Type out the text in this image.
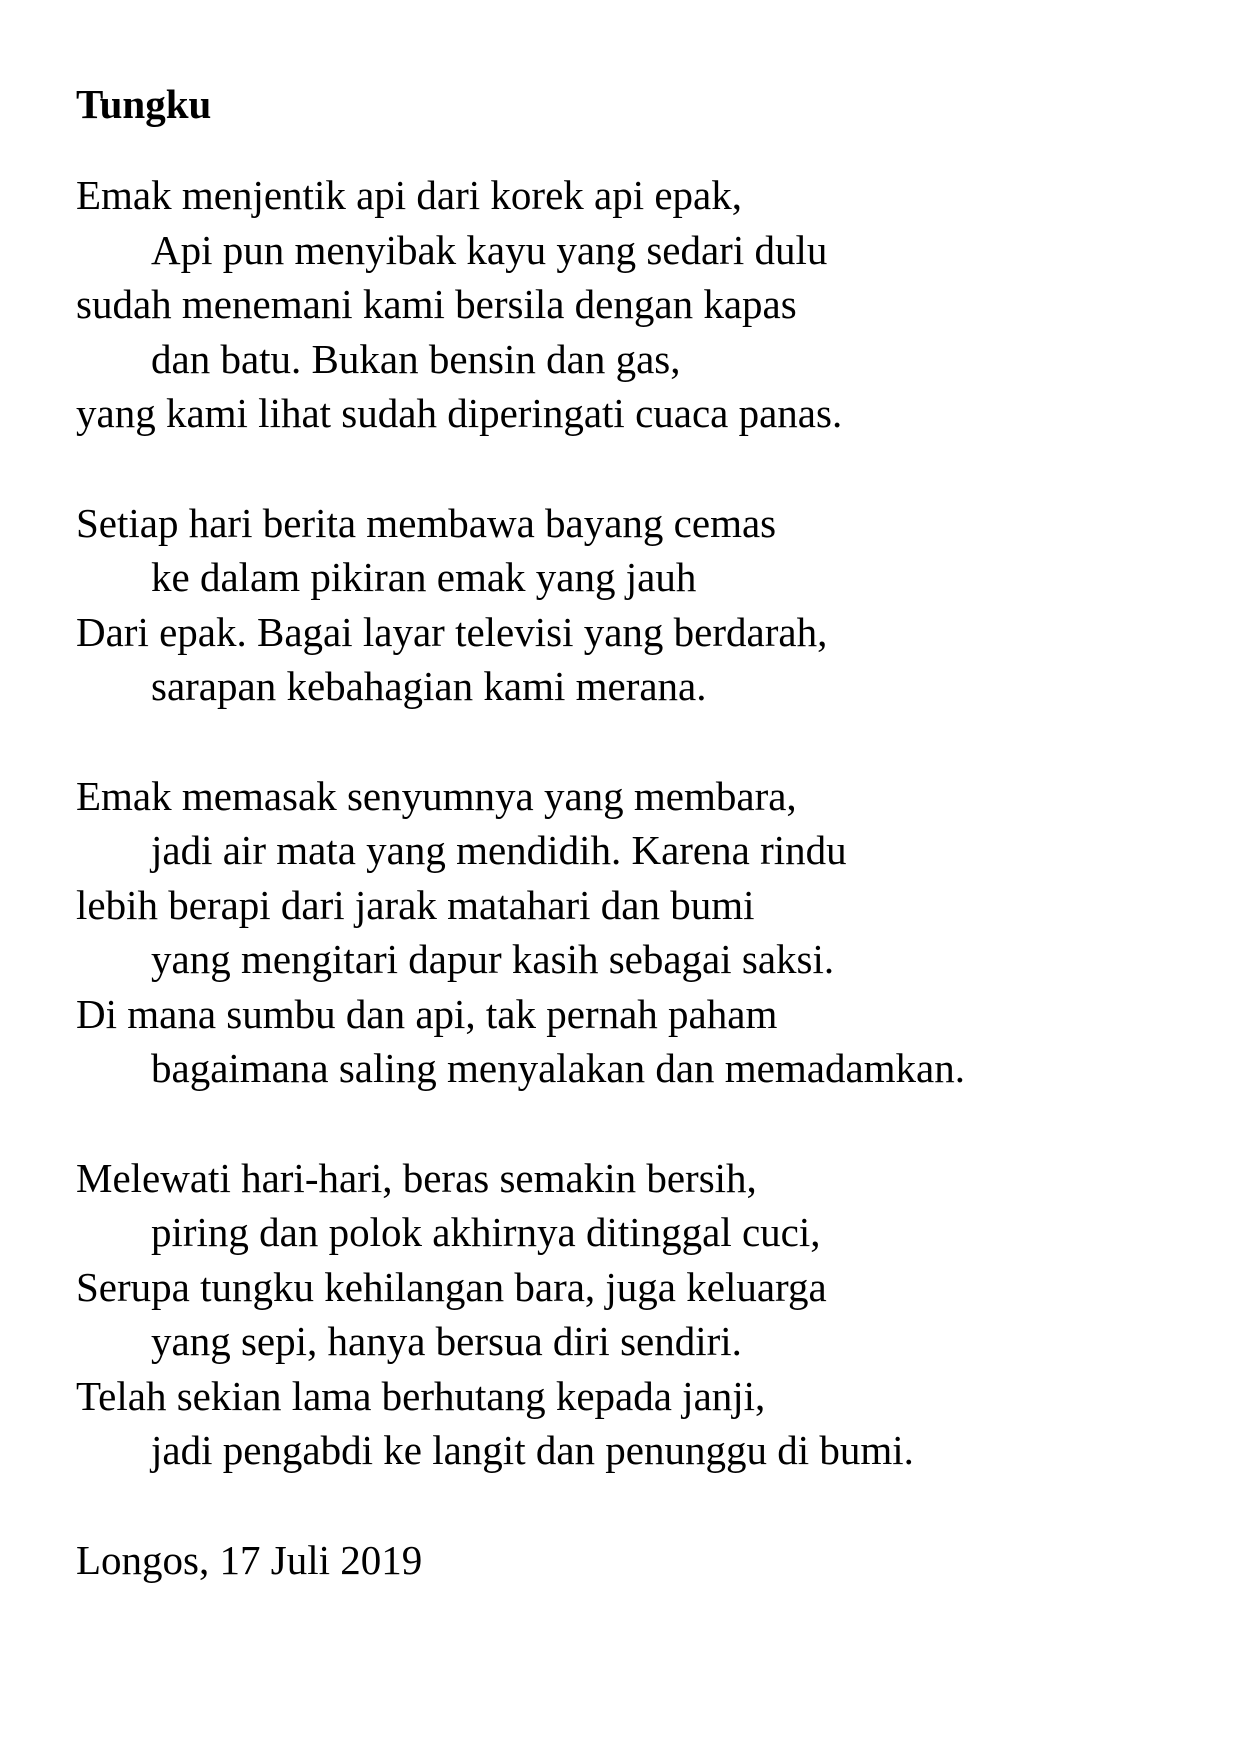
Tungku
Emak menjentik api dari korek api epak,
Api pun menyibak kayu yang sedari dulu
sudah menemani kami bersila dengan kapas
dan batu. Bukan bensin dan gas,
yang kami lihat sudah diperingati cuaca panas.
Setiap hari berita membawa bayang cemas
ke dalam pikiran emak yang jauh
Dari epak. Bagai layar televisi yang berdarah,
sarapan kebahagian kami merana.
Emak memasak senyumnya yang membara,
jadi air mata yang mendidih. Karena rindu
lebih berapi dari jarak matahari dan bumi
yang mengitari dapur kasih sebagai saksi.
Di mana sumbu dan api, tak pernah paham
bagaimana saling menyalakan dan memadamkan.
Melewati hari-hari, beras semakin bersih,
piring dan polok akhirnya ditinggal cuci,
Serupa tungku kehilangan bara, juga keluarga
yang sepi, hanya bersua diri sendiri.
Telah sekian lama berhutang kepada janji,
jadi pengabdi ke langit dan penunggu di bumi.
Longos, 17 Juli 2019
